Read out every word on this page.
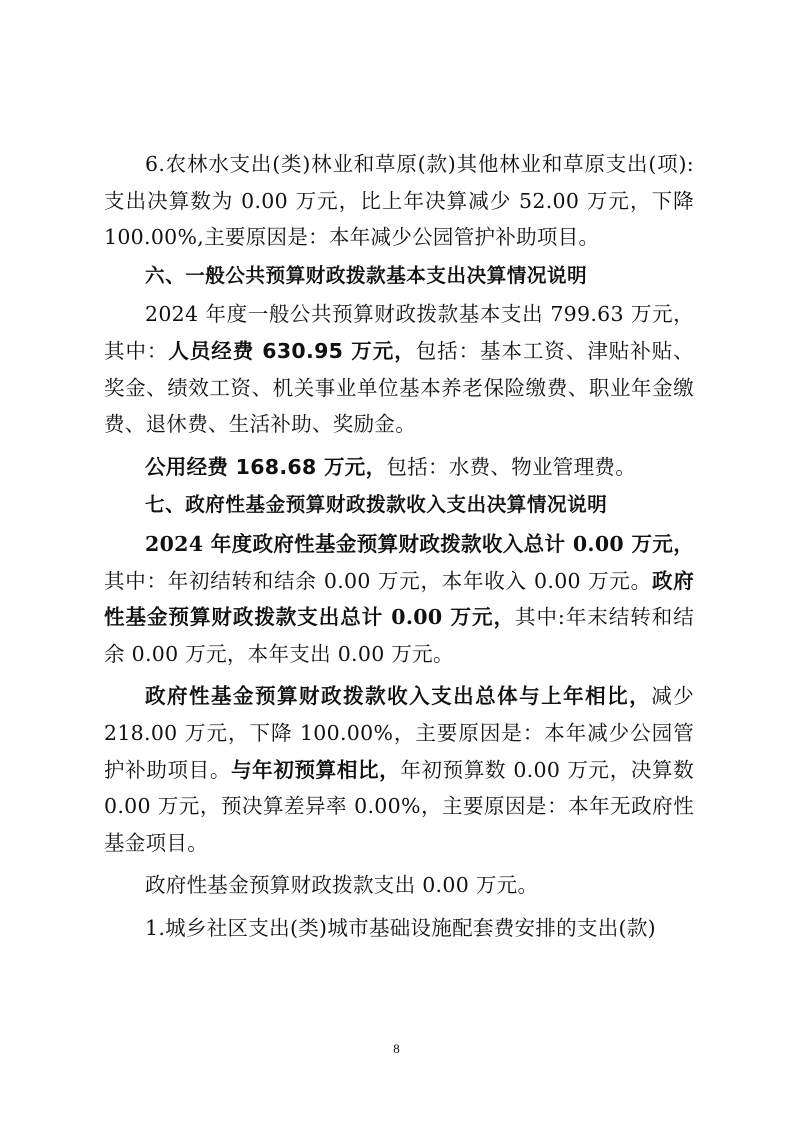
6.农林水支出(类)林业和草原(款)其他林业和草原支出(项):支出决算数为 0.00 万元，比上年决算减少 52.00 万元，下降 100.00%,主要原因是：本年减少公园管护补助项目。

六、一般公共预算财政拨款基本支出决算情况说明

2024 年度一般公共预算财政拨款基本支出 799.63 万元，其中：人员经费 630.95 万元，包括：基本工资、津贴补贴、奖金、绩效工资、机关事业单位基本养老保险缴费、职业年金缴费、退休费、生活补助、奖励金。

公用经费 168.68 万元，包括：水费、物业管理费。

七、政府性基金预算财政拨款收入支出决算情况说明

2024 年度政府性基金预算财政拨款收入总计 0.00 万元，其中：年初结转和结余 0.00 万元，本年收入 0.00 万元。政府性基金预算财政拨款支出总计 0.00 万元，其中:年末结转和结余 0.00 万元，本年支出 0.00 万元。

政府性基金预算财政拨款收入支出总体与上年相比，减少 218.00 万元，下降 100.00%，主要原因是：本年减少公园管护补助项目。与年初预算相比，年初预算数 0.00 万元，决算数 0.00 万元，预决算差异率 0.00%，主要原因是：本年无政府性基金项目。

政府性基金预算财政拨款支出 0.00 万元。

1.城乡社区支出(类)城市基础设施配套费安排的支出(款)

8
